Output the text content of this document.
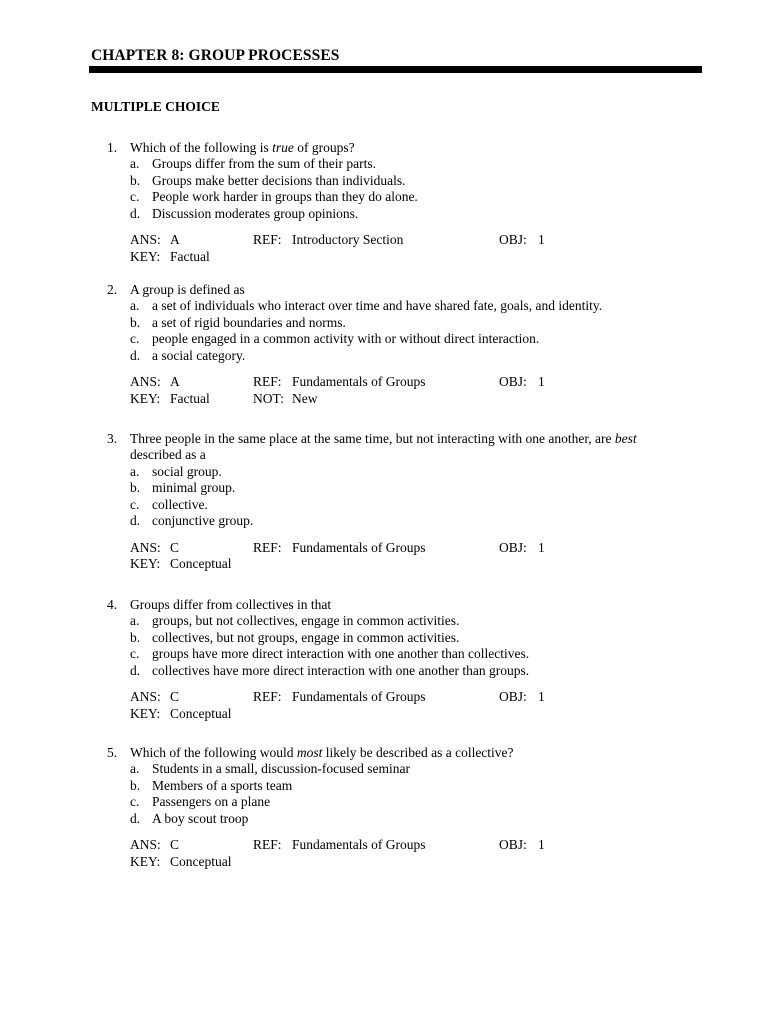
CHAPTER 8: GROUP PROCESSES
MULTIPLE CHOICE
1. Which of the following is true of groups?
a. Groups differ from the sum of their parts.
b. Groups make better decisions than individuals.
c. People work harder in groups than they do alone.
d. Discussion moderates group opinions.
ANS: A	REF: Introductory Section	OBJ: 1
KEY: Factual
2. A group is defined as
a. a set of individuals who interact over time and have shared fate, goals, and identity.
b. a set of rigid boundaries and norms.
c. people engaged in a common activity with or without direct interaction.
d. a social category.
ANS: A	REF: Fundamentals of Groups	OBJ: 1
KEY: Factual	NOT: New
3. Three people in the same place at the same time, but not interacting with one another, are best
described as a
a. social group.
b. minimal group.
c. collective.
d. conjunctive group.
ANS: C	REF: Fundamentals of Groups	OBJ: 1
KEY: Conceptual
4. Groups differ from collectives in that
a. groups, but not collectives, engage in common activities.
b. collectives, but not groups, engage in common activities.
c. groups have more direct interaction with one another than collectives.
d. collectives have more direct interaction with one another than groups.
ANS: C	REF: Fundamentals of Groups	OBJ: 1
KEY: Conceptual
5. Which of the following would most likely be described as a collective?
a. Students in a small, discussion-focused seminar
b. Members of a sports team
c. Passengers on a plane
d. A boy scout troop
ANS: C	REF: Fundamentals of Groups	OBJ: 1
KEY: Conceptual
